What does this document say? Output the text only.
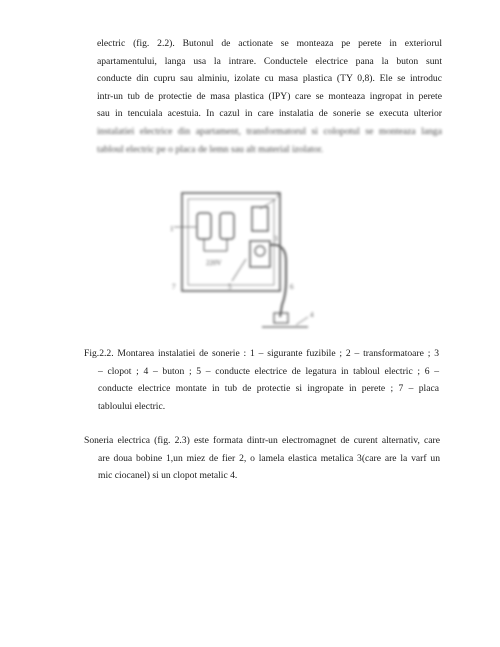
electric (fig. 2.2). Butonul de actionate se monteaza pe perete in exteriorul
apartamentului, langa usa la intrare. Conductele electrice pana la buton sunt
conducte din cupru sau alminiu, izolate cu masa plastica (TY 0,8). Ele se introduc
intr-un tub de protectie de masa plastica (IPY) care se monteaza ingropat in perete
sau in tencuiala acestuia. In cazul in care instalatia de sonerie se executa ulterior
instalatiei electrice din apartament, transformatorul si colopotul se monteaza langa
tabloul electric pe o placa de lemn sau alt material izolator.
1
2
3
4
5	6
7
220V
Fig.2.2. Montarea instalatiei de sonerie : 1 – sigurante fuzibile ; 2 – transformatoare ; 3
– clopot ; 4 – buton ; 5 – conducte electrice de legatura in tabloul electric ; 6 –
conducte electrice montate in tub de protectie si ingropate in perete ; 7 – placa
tabloului electric.
Soneria electrica (fig. 2.3) este formata dintr-un electromagnet de curent alternativ, care
are doua bobine 1,un miez de fier 2, o lamela elastica metalica 3(care are la varf un
mic ciocanel) si un clopot metalic 4.
